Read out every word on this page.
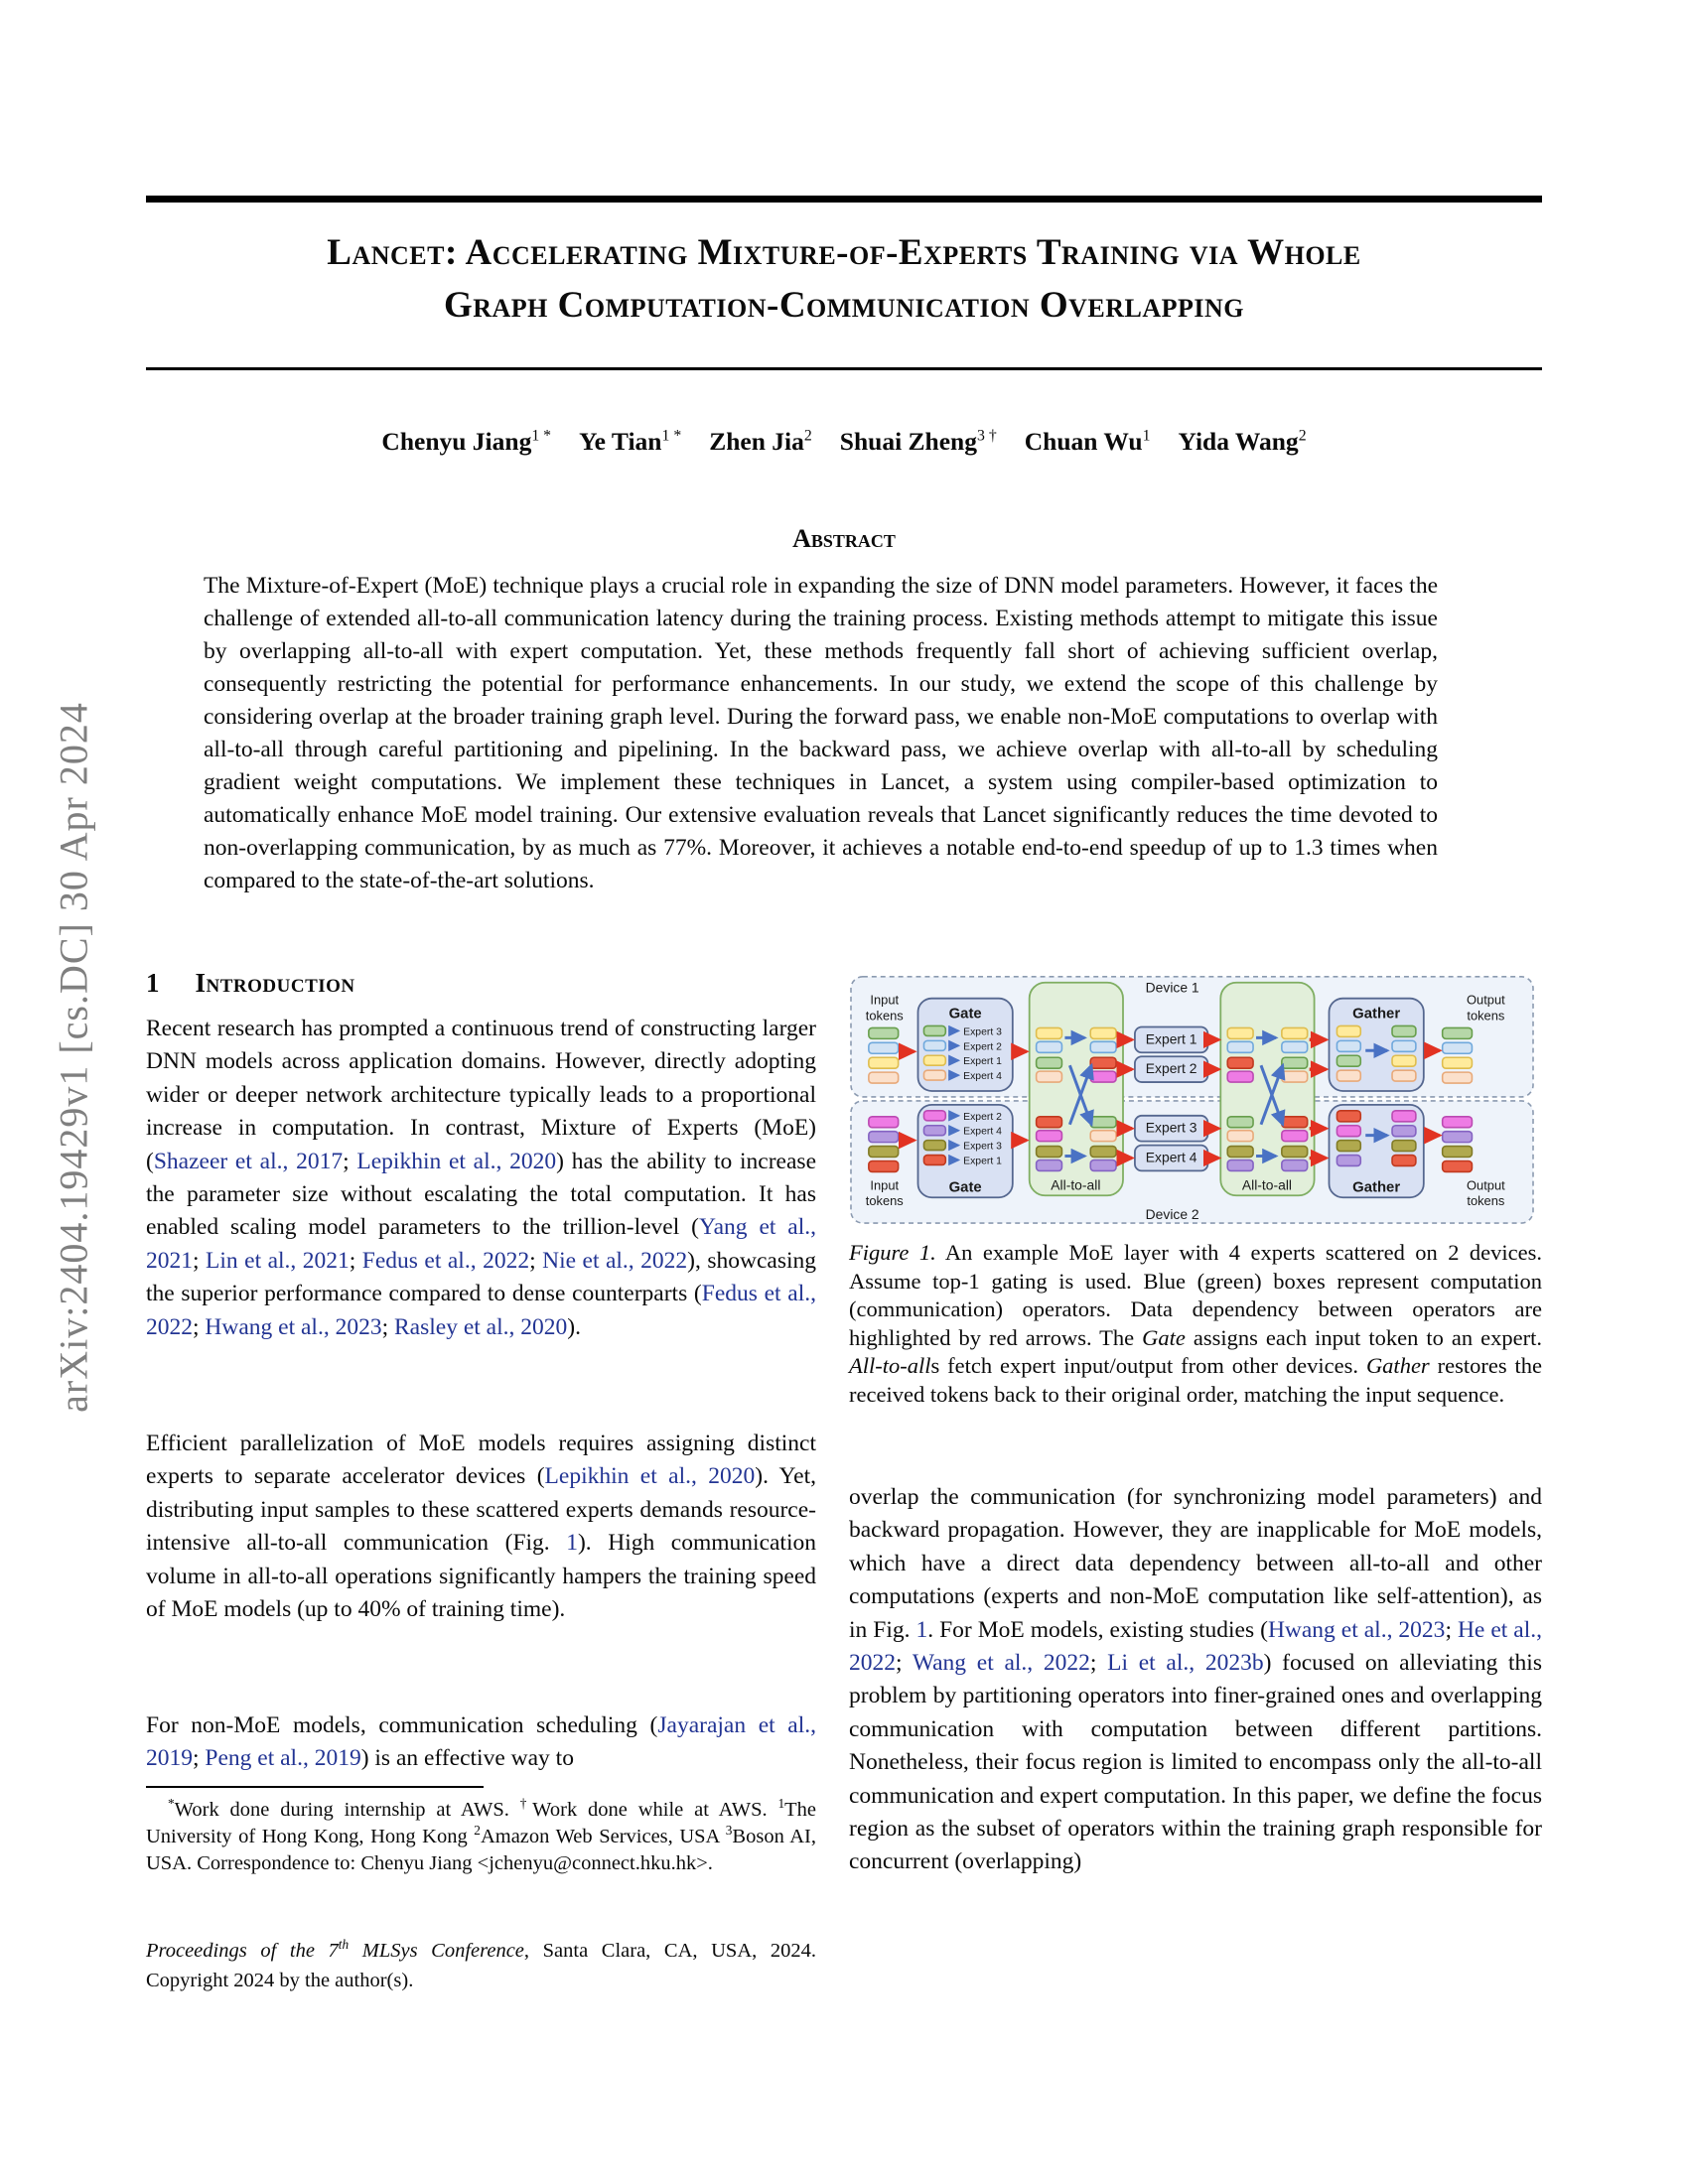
arXiv:2404.19429v1 [cs.DC] 30 Apr 2024
Lancet: Accelerating Mixture-of-Experts Training via Whole
Graph Computation-Communication Overlapping
Chenyu Jiang$^{1 *}$ Ye Tian$^{1 *}$ Zhen Jia$^2$ Shuai Zheng$^{3 \dagger}$ Chuan Wu$^1$ Yida Wang$^2$
Abstract
The Mixture-of-Expert (MoE) technique plays a crucial role in expanding the size of DNN model parameters. However, it faces the challenge of extended all-to-all communication latency during the training process. Existing methods attempt to mitigate this issue by overlapping all-to-all with expert computation. Yet, these methods frequently fall short of achieving sufficient overlap, consequently restricting the potential for performance enhancements. In our study, we extend the scope of this challenge by considering overlap at the broader training graph level. During the forward pass, we enable non-MoE computations to overlap with all-to-all through careful partitioning and pipelining. In the backward pass, we achieve overlap with all-to-all by scheduling gradient weight computations. We implement these techniques in Lancet, a system using compiler-based optimization to automatically enhance MoE model training. Our extensive evaluation reveals that Lancet significantly reduces the time devoted to non-overlapping communication, by as much as 77%. Moreover, it achieves a notable end-to-end speedup of up to 1.3 times when compared to the state-of-the-art solutions.
1 Introduction
Recent research has prompted a continuous trend of constructing larger DNN models across application domains. However, directly adopting wider or deeper network architecture typically leads to a proportional increase in computation. In contrast, Mixture of Experts (MoE) (Shazeer et al., 2017; Lepikhin et al., 2020) has the ability to increase the parameter size without escalating the total computation. It has enabled scaling model parameters to the trillion-level (Yang et al., 2021; Lin et al., 2021; Fedus et al., 2022; Nie et al., 2022), showcasing the superior performance compared to dense counterparts (Fedus et al., 2022; Hwang et al., 2023; Rasley et al., 2020).
Efficient parallelization of MoE models requires assigning distinct experts to separate accelerator devices (Lepikhin et al., 2020). Yet, distributing input samples to these scattered experts demands resource-intensive all-to-all communication (Fig. 1). High communication volume in all-to-all operations significantly hampers the training speed of MoE models (up to 40% of training time).
For non-MoE models, communication scheduling (Jayarajan et al., 2019; Peng et al., 2019) is an effective way to
*Work done during internship at AWS. †Work done while at AWS. $^1$The University of Hong Kong, Hong Kong $^2$Amazon Web Services, USA $^3$Boson AI, USA. Correspondence to: Chenyu Jiang <jchenyu@connect.hku.hk>.
Proceedings of the 7th MLSys Conference, Santa Clara, CA, USA, 2024. Copyright 2024 by the author(s).
Device 1
Device 2
All-to-all	All-to-all
Input
tokens	Gate
Expert 3
Expert 2
Expert 1
Expert 4
Input
tokens
Gate
Expert 2
Expert 4
Expert 3
Expert 1
Expert 1
Expert 2
Expert 3
Expert 4
Gather
Gather
Output
tokens
Output
tokens
Figure 1. An example MoE layer with 4 experts scattered on 2 devices. Assume top-1 gating is used. Blue (green) boxes represent computation (communication) operators. Data dependency between operators are highlighted by red arrows. The Gate assigns each input token to an expert. All-to-alls fetch expert input/output from other devices. Gather restores the received tokens back to their original order, matching the input sequence.
overlap the communication (for synchronizing model parameters) and backward propagation. However, they are inapplicable for MoE models, which have a direct data dependency between all-to-all and other computations (experts and non-MoE computation like self-attention), as in Fig. 1. For MoE models, existing studies (Hwang et al., 2023; He et al., 2022; Wang et al., 2022; Li et al., 2023b) focused on alleviating this problem by partitioning operators into finer-grained ones and overlapping communication with computation between different partitions. Nonetheless, their focus region is limited to encompass only the all-to-all communication and expert computation. In this paper, we define the focus region as the subset of operators within the training graph responsible for concurrent (overlapping)
